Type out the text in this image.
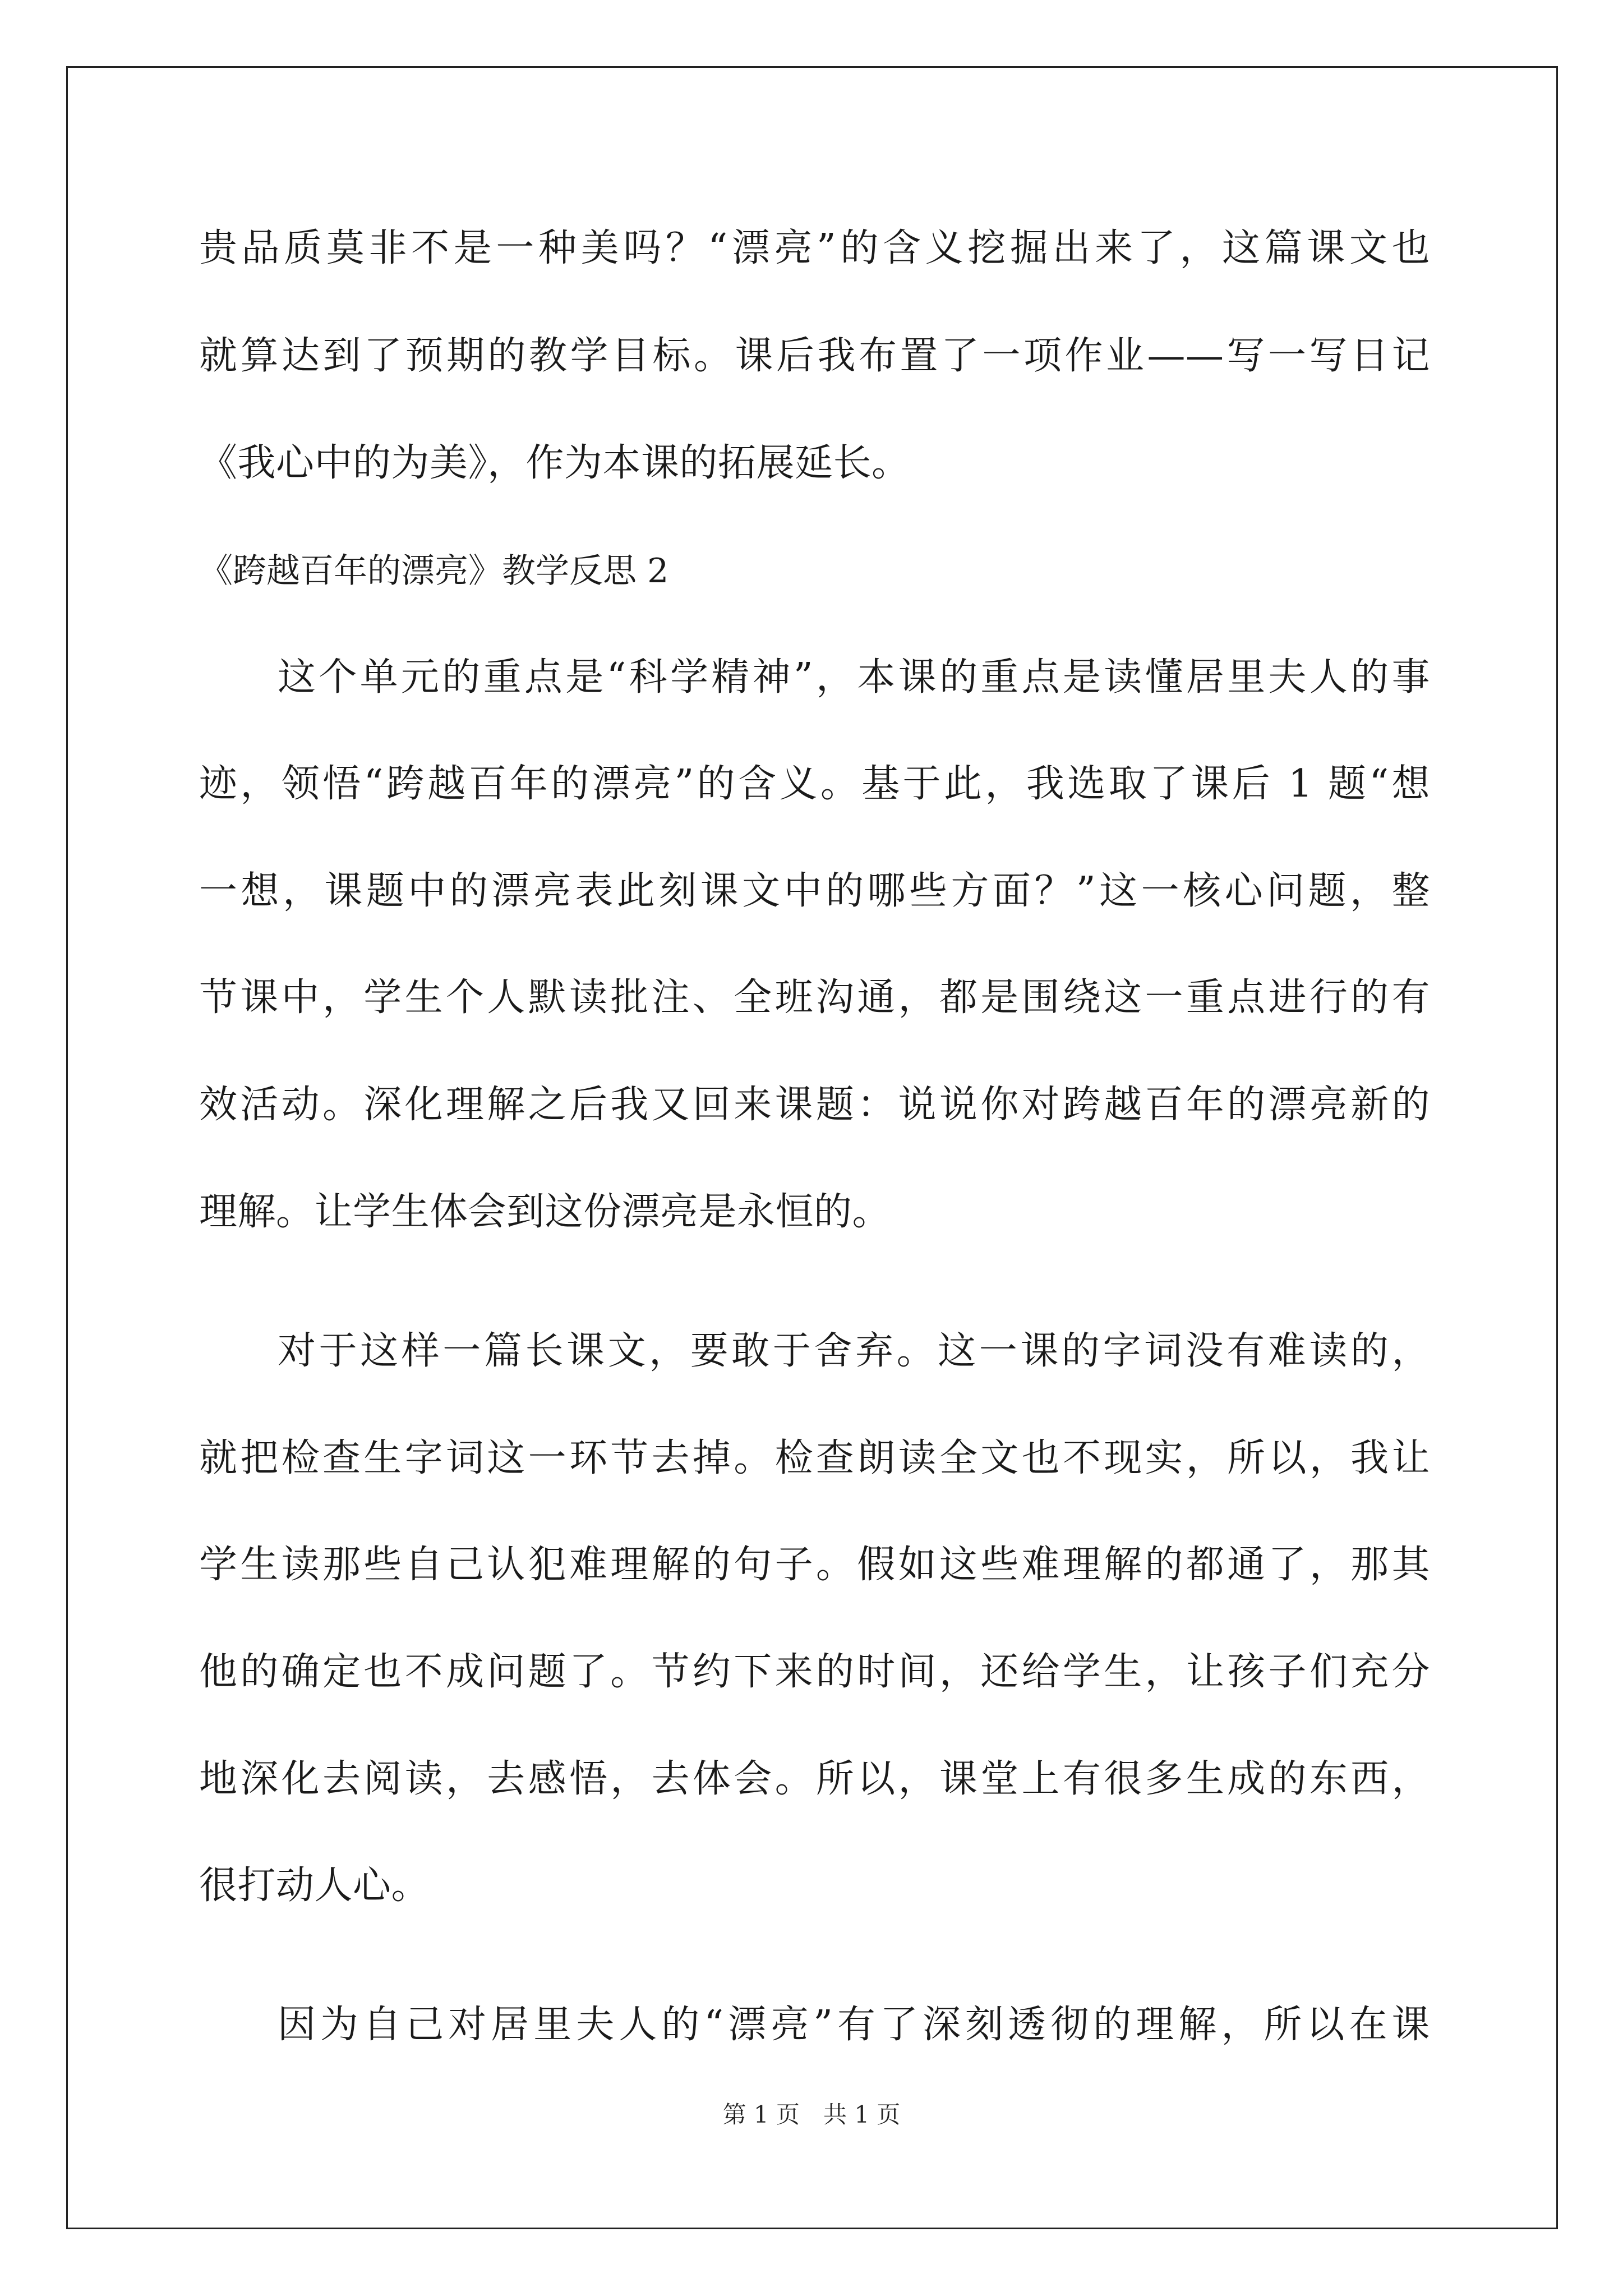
贵品质莫非不是一种美吗？“漂亮”的含义挖掘出来了，这篇课文也
就算达到了预期的教学目标。课后我布置了一项作业——写一写日记
《我心中的为美》，作为本课的拓展延长。
《跨越百年的漂亮》教学反思 2
这个单元的重点是“科学精神”，本课的重点是读懂居里夫人的事
迹，领悟“跨越百年的漂亮”的含义。基于此，我选取了课后 1 题“想
一想，课题中的漂亮表此刻课文中的哪些方面？”这一核心问题，整
节课中，学生个人默读批注、全班沟通，都是围绕这一重点进行的有
效活动。深化理解之后我又回来课题：说说你对跨越百年的漂亮新的
理解。让学生体会到这份漂亮是永恒的。
对于这样一篇长课文，要敢于舍弃。这一课的字词没有难读的，
就把检查生字词这一环节去掉。检查朗读全文也不现实，所以，我让
学生读那些自己认犯难理解的句子。假如这些难理解的都通了，那其
他的确定也不成问题了。节约下来的时间，还给学生，让孩子们充分
地深化去阅读，去感悟，去体会。所以，课堂上有很多生成的东西，
很打动人心。
因为自己对居里夫人的“漂亮”有了深刻透彻的理解，所以在课
第 1 页　共 1 页
